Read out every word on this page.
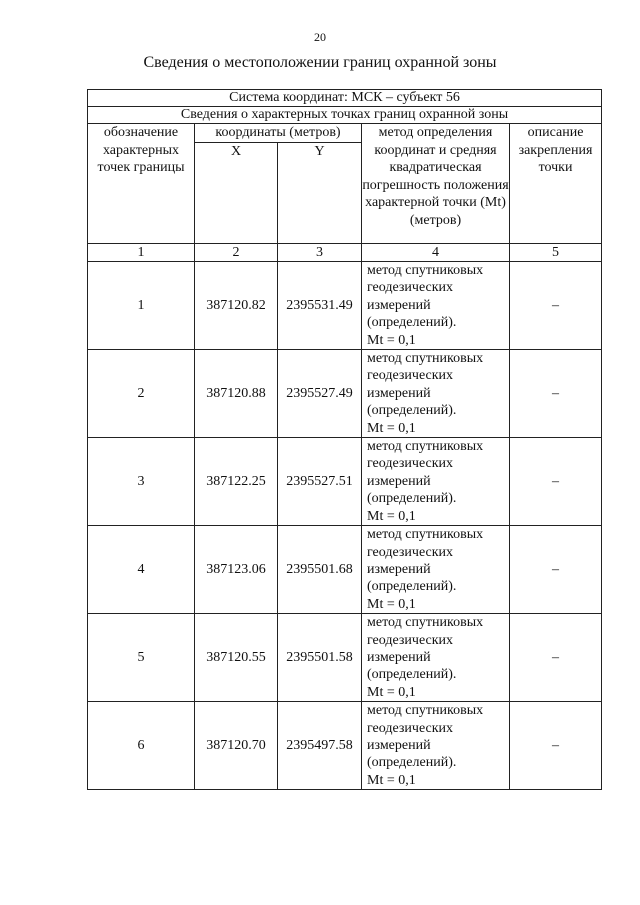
20
Сведения о местоположении границ охранной зоны
Система координат: МСК – субъект 56				
Сведения о характерных точках границ охранной зоны				
обозначение характерных точек границы	координаты (метров)		метод определения координат и средняя квадратическая погрешность положения характерной точки (Mt) (метров)	описание закрепления точки
	X	Y		
1	2	3	4	5
1	387120.82	2395531.49	метод спутниковых
геодезических
измерений
(определений).
Mt = 0,1	–
2	387120.88	2395527.49	метод спутниковых
геодезических
измерений
(определений).
Mt = 0,1	–
3	387122.25	2395527.51	метод спутниковых
геодезических
измерений
(определений).
Mt = 0,1	–
4	387123.06	2395501.68	метод спутниковых
геодезических
измерений
(определений).
Mt = 0,1	–
5	387120.55	2395501.58	метод спутниковых
геодезических
измерений
(определений).
Mt = 0,1	–
6	387120.70	2395497.58	метод спутниковых
геодезических
измерений
(определений).
Mt = 0,1	–
